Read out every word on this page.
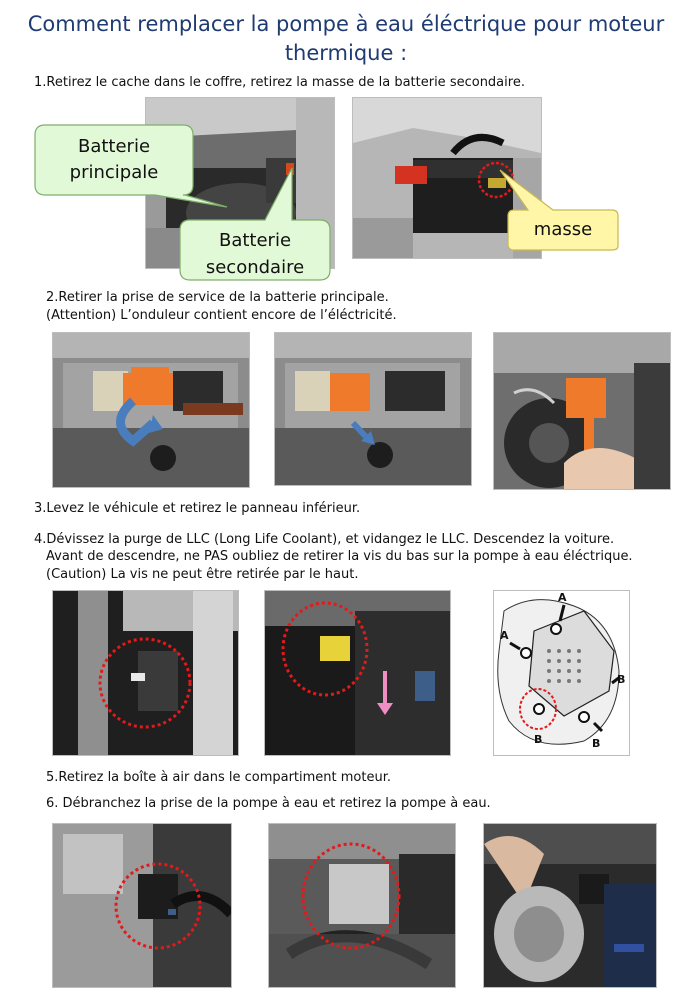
Comment remplacer la pompe à eau éléctrique pour moteur
thermique :
1.Retirez le cache dans le coffre, retirez la masse de la batterie secondaire.
Batterie
principale
Batterie
secondaire
masse
2.Retirer la prise de service de la batterie principale.
(Attention) L’onduleur contient encore de l’éléctricité.
3.Levez le véhicule et retirez le panneau inférieur.
4.Dévissez la purge de LLC (Long Life Coolant), et vidangez le LLC. Descendez la voiture.
Avant de descendre, ne PAS oubliez de retirer la vis du bas sur la pompe à eau éléctrique.
(Caution) La vis ne peut être retirée par le haut.
A
A
B
B	B
5.Retirez la boîte à air dans le compartiment moteur.
6. Débranchez la prise de la pompe à eau et retirez la pompe à eau.
